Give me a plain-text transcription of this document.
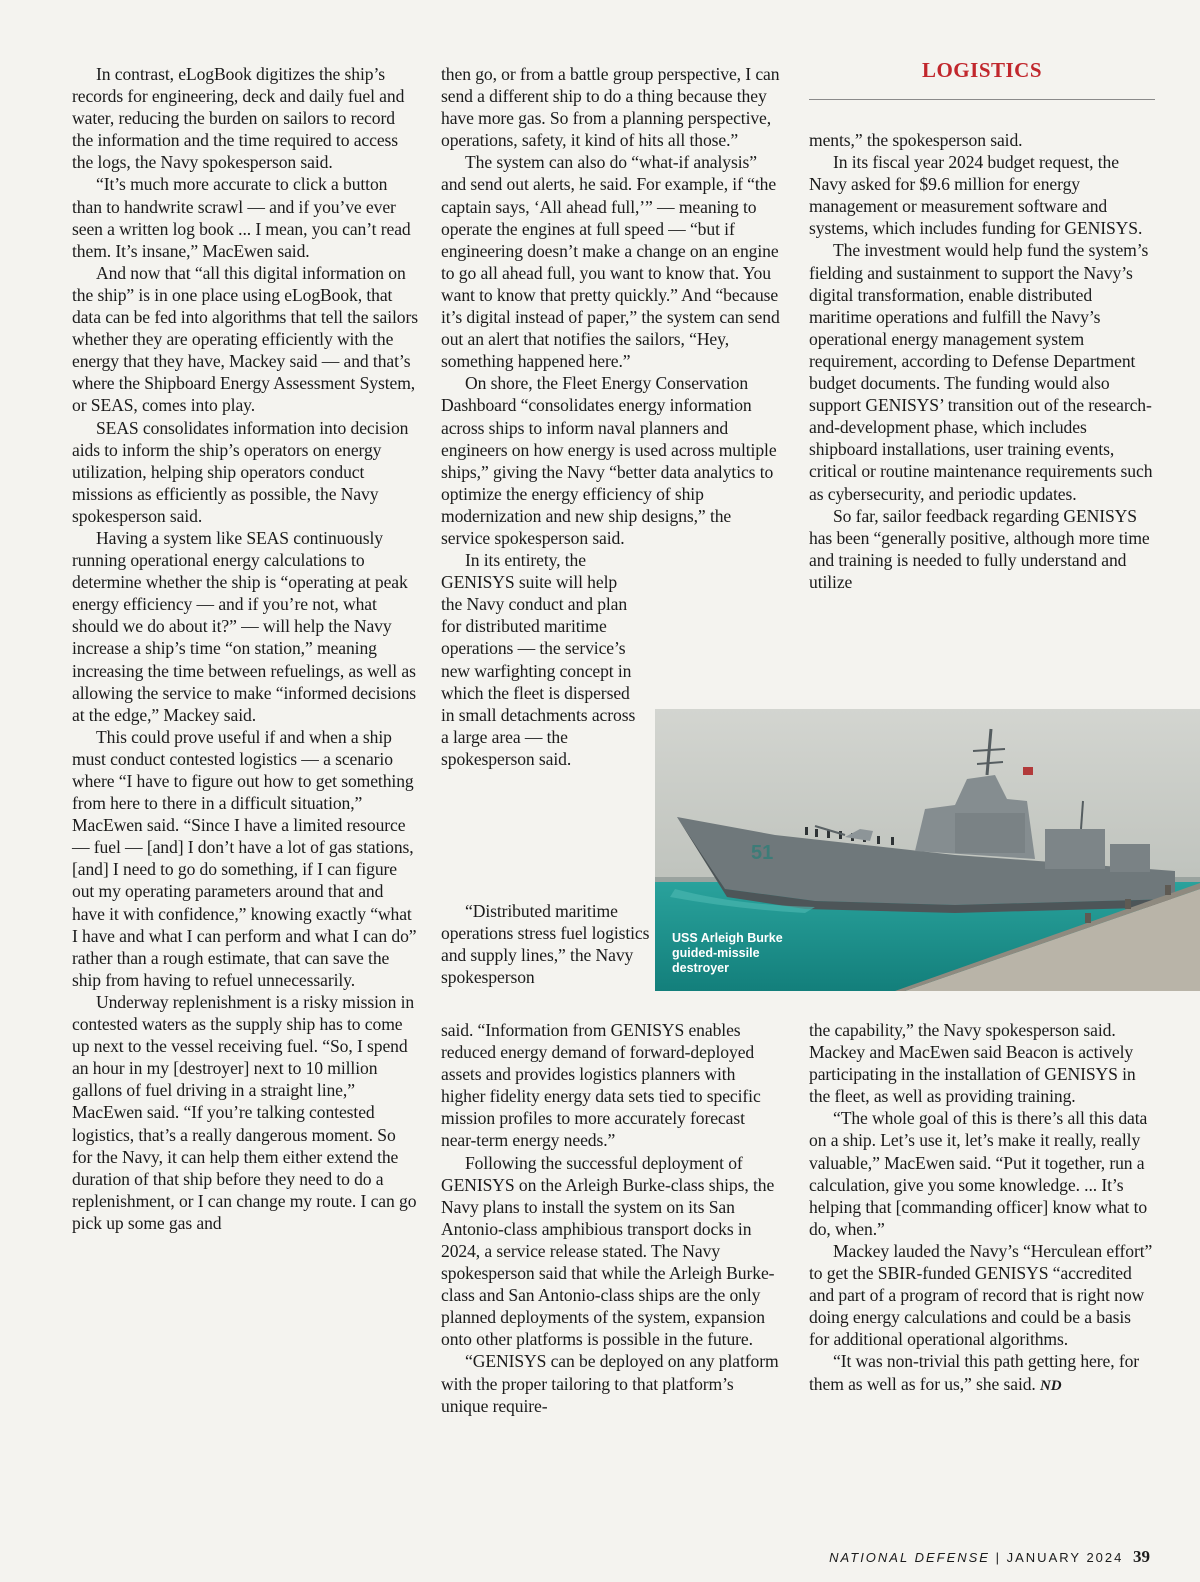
LOGISTICS

In contrast, eLogBook digitizes the ship’s records for engineering, deck and daily fuel and water, reducing the burden on sailors to record the information and the time required to access the logs, the Navy spokesperson said.

“It’s much more accurate to click a button than to handwrite scrawl — and if you’ve ever seen a written log book ... I mean, you can’t read them. It’s insane,” MacEwen said.

And now that “all this digital information on the ship” is in one place using eLogBook, that data can be fed into algorithms that tell the sailors whether they are operating efficiently with the energy that they have, Mackey said — and that’s where the Shipboard Energy Assessment System, or SEAS, comes into play.

SEAS consolidates information into decision aids to inform the ship’s operators on energy utilization, helping ship operators conduct missions as efficiently as possible, the Navy spokesperson said.

Having a system like SEAS continuously running operational energy calculations to determine whether the ship is “operating at peak energy efficiency — and if you’re not, what should we do about it?” — will help the Navy increase a ship’s time “on station,” meaning increasing the time between refuelings, as well as allowing the service to make “informed decisions at the edge,” Mackey said.

This could prove useful if and when a ship must conduct contested logistics — a scenario where “I have to figure out how to get something from here to there in a difficult situation,” MacEwen said. “Since I have a limited resource — fuel — [and] I don’t have a lot of gas stations, [and] I need to go do something, if I can figure out my operating parameters around that and have it with confidence,” knowing exactly “what I have and what I can perform and what I can do” rather than a rough estimate, that can save the ship from having to refuel unnecessarily.

Underway replenishment is a risky mission in contested waters as the supply ship has to come up next to the vessel receiving fuel. “So, I spend an hour in my [destroyer] next to 10 million gallons of fuel driving in a straight line,” MacEwen said. “If you’re talking contested logistics, that’s a really dangerous moment. So for the Navy, it can help them either extend the duration of that ship before they need to do a replenishment, or I can change my route. I can go pick up some gas and

then go, or from a battle group perspective, I can send a different ship to do a thing because they have more gas. So from a planning perspective, operations, safety, it kind of hits all those.”

The system can also do “what-if analysis” and send out alerts, he said. For example, if “the captain says, ‘All ahead full,’” — meaning to operate the engines at full speed — “but if engineering doesn’t make a change on an engine to go all ahead full, you want to know that. You want to know that pretty quickly.” And “because it’s digital instead of paper,” the system can send out an alert that notifies the sailors, “Hey, something happened here.”

On shore, the Fleet Energy Conservation Dashboard “consolidates energy information across ships to inform naval planners and engineers on how energy is used across multiple ships,” giving the Navy “better data analytics to optimize the energy efficiency of ship modernization and new ship designs,” the service spokesperson said.

In its entirety, the GENISYS suite will help the Navy conduct and plan for distributed maritime operations — the service’s new warfighting concept in which the fleet is dispersed in small detachments across a large area — the spokesperson said.

“Distributed maritime operations stress fuel logistics and supply lines,” the Navy spokesperson

said. “Information from GENISYS enables reduced energy demand of forward-deployed assets and provides logistics planners with higher fidelity energy data sets tied to specific mission profiles to more accurately forecast near-term energy needs.”

Following the successful deployment of GENISYS on the Arleigh Burke-class ships, the Navy plans to install the system on its San Antonio-class amphibious transport docks in 2024, a service release stated. The Navy spokesperson said that while the Arleigh Burke-class and San Antonio-class ships are the only planned deployments of the system, expansion onto other platforms is possible in the future.

“GENISYS can be deployed on any platform with the proper tailoring to that platform’s unique require-

ments,” the spokesperson said.

In its fiscal year 2024 budget request, the Navy asked for $9.6 million for energy management or measurement software and systems, which includes funding for GENISYS.

The investment would help fund the system’s fielding and sustainment to support the Navy’s digital transformation, enable distributed maritime operations and fulfill the Navy’s operational energy management system requirement, according to Defense Department budget documents. The funding would also support GENISYS’ transition out of the research-and-development phase, which includes shipboard installations, user training events, critical or routine maintenance requirements such as cybersecurity, and periodic updates.

So far, sailor feedback regarding GENISYS has been “generally positive, although more time and training is needed to fully understand and utilize

the capability,” the Navy spokesperson said. Mackey and MacEwen said Beacon is actively participating in the installation of GENISYS in the fleet, as well as providing training.

“The whole goal of this is there’s all this data on a ship. Let’s use it, let’s make it really, really valuable,” MacEwen said. “Put it together, run a calculation, give you some knowledge. ... It’s helping that [commanding officer] know what to do, when.”

Mackey lauded the Navy’s “Herculean effort” to get the SBIR-funded GENISYS “accredited and part of a program of record that is right now doing energy calculations and could be a basis for additional operational algorithms.

“It was non-trivial this path getting here, for them as well as for us,” she said. ND

51
USS Arleigh Burke guided-missile destroyer
NATIONAL DEFENSE | JANUARY 2024 39
